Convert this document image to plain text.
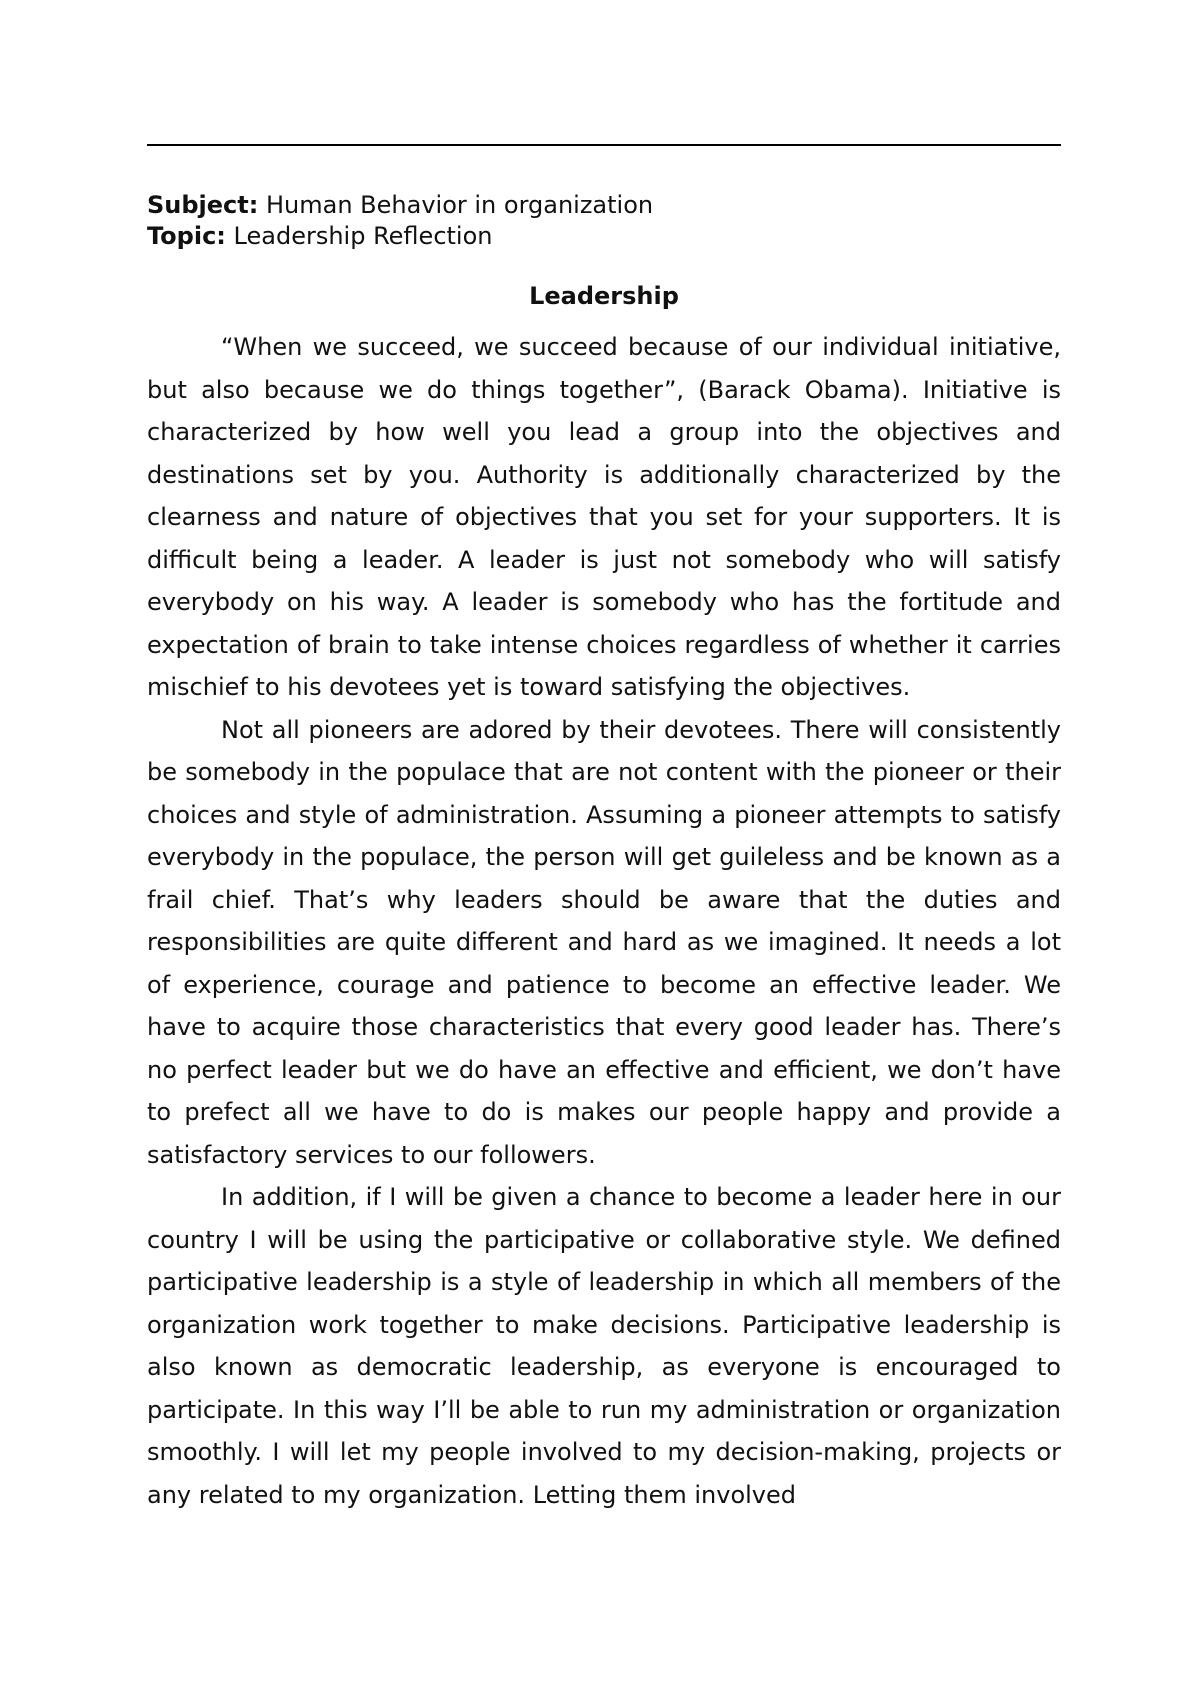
Subject: Human Behavior in organization

Topic: Leadership Reflection

Leadership

“When we succeed, we succeed because of our individual initiative, but also because we do things together”, (Barack Obama). Initiative is characterized by how well you lead a group into the objectives and destinations set by you. Authority is additionally characterized by the clearness and nature of objectives that you set for your supporters. It is difficult being a leader. A leader is just not somebody who will satisfy everybody on his way. A leader is somebody who has the fortitude and expectation of brain to take intense choices regardless of whether it carries mischief to his devotees yet is toward satisfying the objectives.

Not all pioneers are adored by their devotees. There will consistently be somebody in the populace that are not content with the pioneer or their choices and style of administration. Assuming a pioneer attempts to satisfy everybody in the populace, the person will get guileless and be known as a frail chief. That’s why leaders should be aware that the duties and responsibilities are quite different and hard as we imagined. It needs a lot of experience, courage and patience to become an effective leader. We have to acquire those characteristics that every good leader has. There’s no perfect leader but we do have an effective and efficient, we don’t have to prefect all we have to do is makes our people happy and provide a satisfactory services to our followers.

In addition, if I will be given a chance to become a leader here in our country I will be using the participative or collaborative style. We defined participative leadership is a style of leadership in which all members of the organization work together to make decisions. Participative leadership is also known as democratic leadership, as everyone is encouraged to participate. In this way I’ll be able to run my administration or organization smoothly. I will let my people involved to my decision-making, projects or any related to my organization. Letting them involved
